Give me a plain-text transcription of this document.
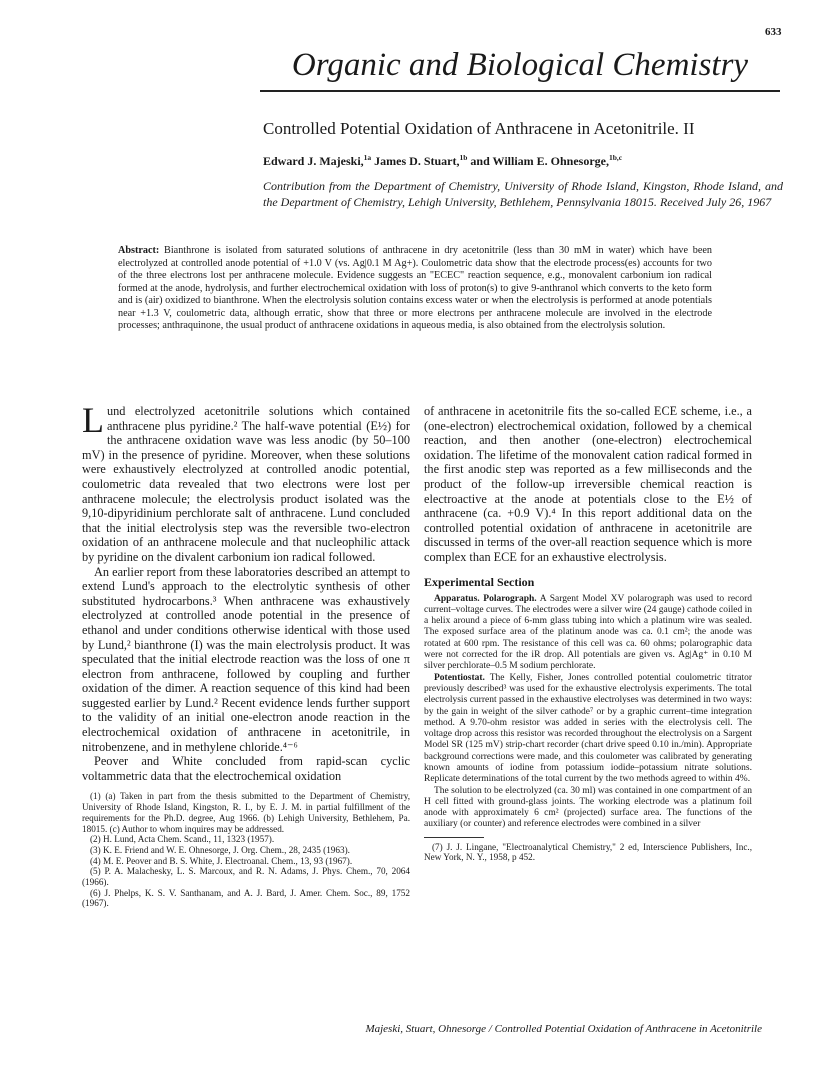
633
Organic and Biological Chemistry
Controlled Potential Oxidation of Anthracene in Acetonitrile. II
Edward J. Majeski,$^{1a}$ James D. Stuart,$^{1b}$ and William E. Ohnesorge,$^{1b,c}$
Contribution from the Department of Chemistry, University of Rhode Island, Kingston, Rhode Island, and the Department of Chemistry, Lehigh University, Bethlehem, Pennsylvania 18015. Received July 26, 1967
Abstract: Bianthrone is isolated from saturated solutions of anthracene in dry acetonitrile (less than 30 mM in water) which have been electrolyzed at controlled anode potential of +1.0 V (vs. Ag|0.1 M Ag+). Coulometric data show that the electrode process(es) accounts for two of the three electrons lost per anthracene molecule. Evidence suggests an "ECEC" reaction sequence, e.g., monovalent carbonium ion radical formed at the anode, hydrolysis, and further electrochemical oxidation with loss of proton(s) to give 9-anthranol which converts to the keto form and is (air) oxidized to bianthrone. When the electrolysis solution contains excess water or when the electrolysis is performed at anode potentials near +1.3 V, coulometric data, although erratic, show that three or more electrons per anthracene molecule are involved in the electrode processes; anthraquinone, the usual product of anthracene oxidations in aqueous media, is also obtained from the electrolysis solution.

Lund electrolyzed acetonitrile solutions which contained anthracene plus pyridine.² The half-wave potential (E½) for the anthracene oxidation wave was less anodic (by 50–100 mV) in the presence of pyridine. Moreover, when these solutions were exhaustively electrolyzed at controlled anodic potential, coulometric data revealed that two electrons were lost per anthracene molecule; the electrolysis product isolated was the 9,10-dipyridinium perchlorate salt of anthracene. Lund concluded that the initial electrolysis step was the reversible two-electron oxidation of an anthracene molecule and that nucleophilic attack by pyridine on the divalent carbonium ion radical followed.

An earlier report from these laboratories described an attempt to extend Lund's approach to the electrolytic synthesis of other substituted hydrocarbons.³ When anthracene was exhaustively electrolyzed at controlled anode potential in the presence of ethanol and under conditions otherwise identical with those used by Lund,² bianthrone (I) was the main electrolysis product. It was speculated that the initial electrode reaction was the loss of one π electron from anthracene, followed by coupling and further oxidation of the dimer. A reaction sequence of this kind had been suggested earlier by Lund.² Recent evidence lends further support to the validity of an initial one-electron anode reaction in the electrochemical oxidation of anthracene in acetonitrile, in nitrobenzene, and in methylene chloride.⁴⁻⁶

Peover and White concluded from rapid-scan cyclic voltammetric data that the electrochemical oxidation

(1) (a) Taken in part from the thesis submitted to the Department of Chemistry, University of Rhode Island, Kingston, R. I., by E. J. M. in partial fulfillment of the requirements for the Ph.D. degree, Aug 1966. (b) Lehigh University, Bethlehem, Pa. 18015. (c) Author to whom inquires may be addressed.

(2) H. Lund, Acta Chem. Scand., 11, 1323 (1957).

(3) K. E. Friend and W. E. Ohnesorge, J. Org. Chem., 28, 2435 (1963).

(4) M. E. Peover and B. S. White, J. Electroanal. Chem., 13, 93 (1967).

(5) P. A. Malachesky, L. S. Marcoux, and R. N. Adams, J. Phys. Chem., 70, 2064 (1966).

(6) J. Phelps, K. S. V. Santhanam, and A. J. Bard, J. Amer. Chem. Soc., 89, 1752 (1967).

of anthracene in acetonitrile fits the so-called ECE scheme, i.e., a (one-electron) electrochemical oxidation, followed by a chemical reaction, and then another (one-electron) electrochemical oxidation. The lifetime of the monovalent cation radical formed in the first anodic step was reported as a few milliseconds and the product of the follow-up irreversible chemical reaction is electroactive at the anode at potentials close to the E½ of anthracene (ca. +0.9 V).⁴ In this report additional data on the controlled potential oxidation of anthracene in acetonitrile are discussed in terms of the over-all reaction sequence which is more complex than ECE for an exhaustive electrolysis.

Experimental Section

Apparatus. Polarograph. A Sargent Model XV polarograph was used to record current–voltage curves. The electrodes were a silver wire (24 gauge) cathode coiled in a helix around a piece of 6-mm glass tubing into which a platinum wire was sealed. The exposed surface area of the platinum anode was ca. 0.1 cm²; the anode was rotated at 600 rpm. The resistance of this cell was ca. 60 ohms; polarographic data were not corrected for the iR drop. All potentials are given vs. Ag|Ag⁺ in 0.10 M silver perchlorate–0.5 M sodium perchlorate.

Potentiostat. The Kelly, Fisher, Jones controlled potential coulometric titrator previously described³ was used for the exhaustive electrolysis experiments. The total electrolysis current passed in the exhaustive electrolyses was determined in two ways: by the gain in weight of the silver cathode⁷ or by a graphic current–time integration method. A 9.70-ohm resistor was added in series with the electrolysis cell. The voltage drop across this resistor was recorded throughout the electrolysis on a Sargent Model SR (125 mV) strip-chart recorder (chart drive speed 0.10 in./min). Appropriate background corrections were made, and this coulometer was calibrated by generating known amounts of iodine from potassium iodide–potassium nitrate solutions. Replicate determinations of the total current by the two methods agreed to within 4%.

The solution to be electrolyzed (ca. 30 ml) was contained in one compartment of an H cell fitted with ground-glass joints. The working electrode was a platinum foil anode with approximately 6 cm² (projected) surface area. The functions of the auxiliary (or counter) and reference electrodes were combined in a silver

(7) J. J. Lingane, "Electroanalytical Chemistry," 2 ed, Interscience Publishers, Inc., New York, N. Y., 1958, p 452.

Majeski, Stuart, Ohnesorge / Controlled Potential Oxidation of Anthracene in Acetonitrile
